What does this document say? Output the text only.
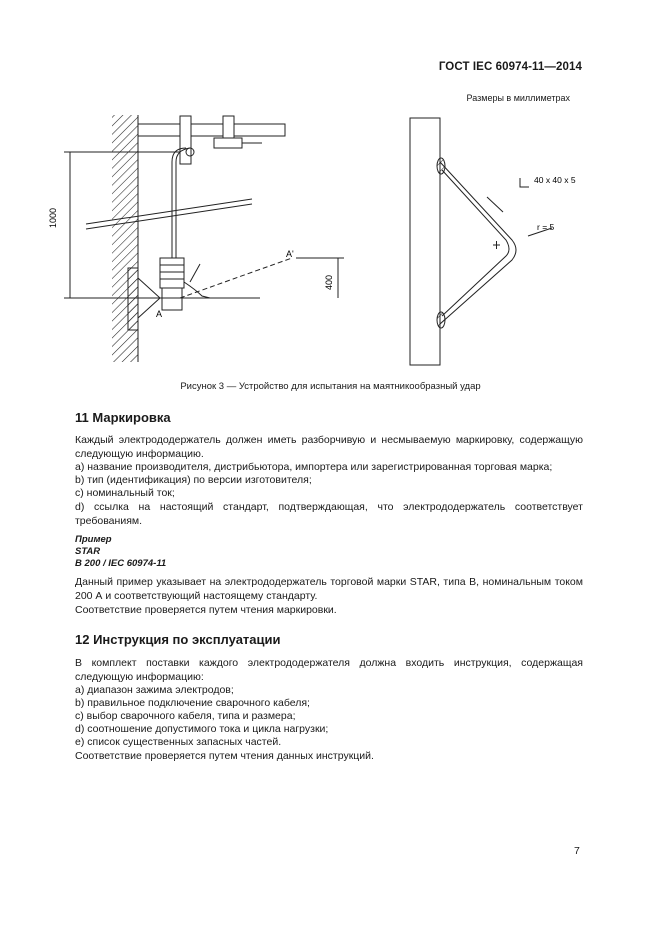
ГОСТ IEC 60974-11—2014
Размеры в миллиметрах
1000
400
A
A'
40 x 40 x 5
r = 5
Рисунок 3 — Устройство для испытания на маятникообразный удар
11 Маркировка
Каждый электрододержатель должен иметь разборчивую и несмываемую маркировку, содержащую следующую информацию.
a) название производителя, дистрибьютора, импортера или зарегистрированная торговая марка;
b) тип (идентификация) по версии изготовителя;
c) номинальный ток;
d) ссылка на настоящий стандарт, подтверждающая, что электрододержатель соответствует требованиям.
Пример
STAR
B 200 / IEC 60974-11
Данный пример указывает на электрододержатель торговой марки STAR, типа В, номинальным током 200 А и соответствующий настоящему стандарту.
Соответствие проверяется путем чтения маркировки.
12 Инструкция по эксплуатации
В комплект поставки каждого электрододержателя должна входить инструкция, содержащая следующую информацию:
a) диапазон зажима электродов;
b) правильное подключение сварочного кабеля;
c) выбор сварочного кабеля, типа и размера;
d) соотношение допустимого тока и цикла нагрузки;
e) список существенных запасных частей.
Соответствие проверяется путем чтения данных инструкций.
7
